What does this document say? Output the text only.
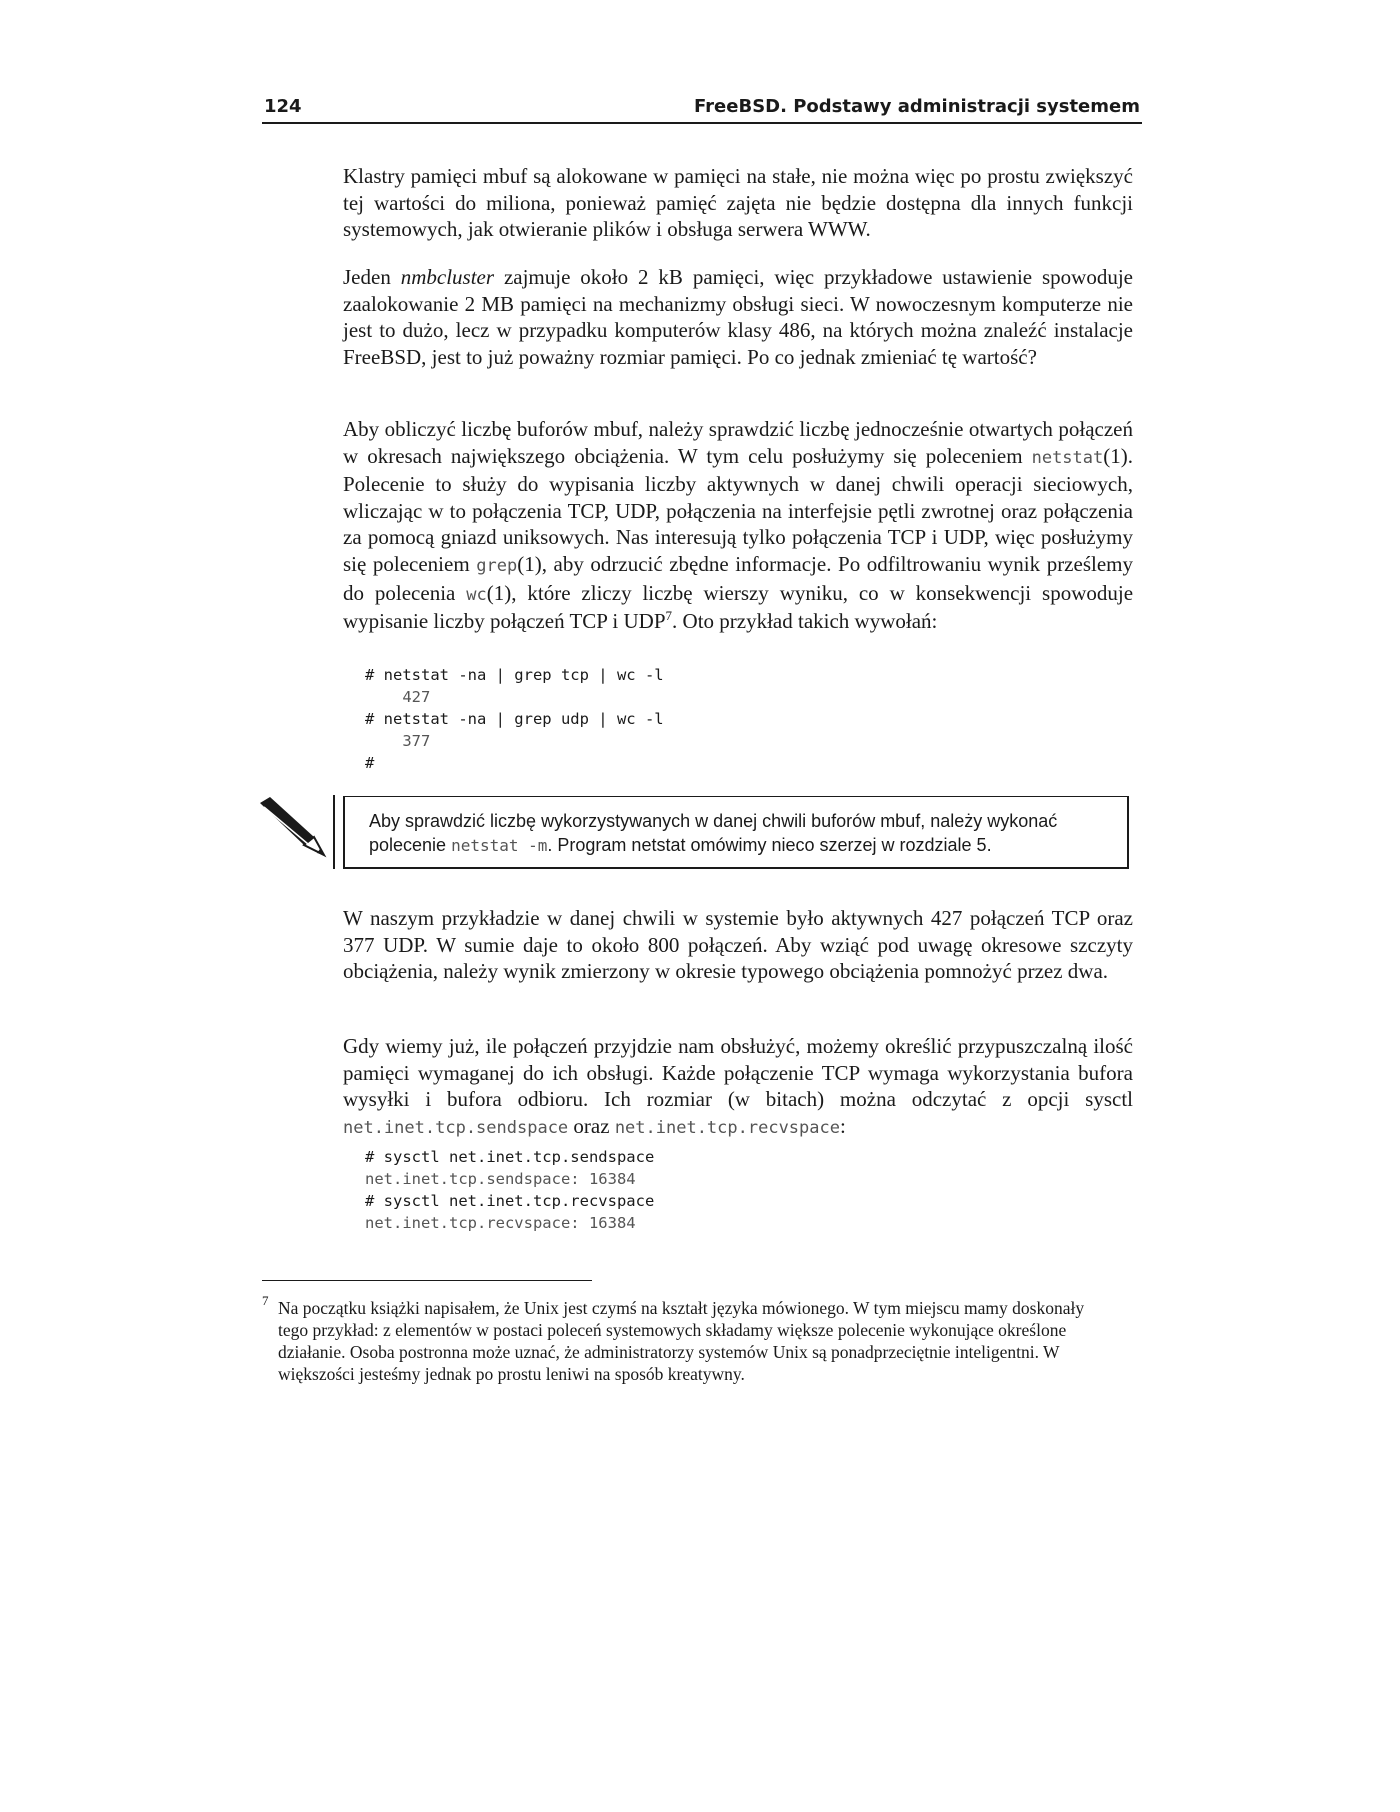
124	FreeBSD. Podstawy administracji systemem
Klastry pamięci mbuf są alokowane w pamięci na stałe, nie można więc po prostu zwiększyć tej wartości do miliona, ponieważ pamięć zajęta nie będzie dostępna dla innych funkcji systemowych, jak otwieranie plików i obsługa serwera WWW.
Jeden nmbcluster zajmuje około 2 kB pamięci, więc przykładowe ustawienie spowoduje zaalokowanie 2 MB pamięci na mechanizmy obsługi sieci. W nowoczesnym komputerze nie jest to dużo, lecz w przypadku komputerów klasy 486, na których można znaleźć instalacje FreeBSD, jest to już poważny rozmiar pamięci. Po co jednak zmieniać tę wartość?
Aby obliczyć liczbę buforów mbuf, należy sprawdzić liczbę jednocześnie otwartych połączeń w okresach największego obciążenia. W tym celu posłużymy się poleceniem netstat(1). Polecenie to służy do wypisania liczby aktywnych w danej chwili operacji sieciowych, wliczając w to połączenia TCP, UDP, połączenia na interfejsie pętli zwrotnej oraz połączenia za pomocą gniazd uniksowych. Nas interesują tylko połączenia TCP i UDP, więc posłużymy się poleceniem grep(1), aby odrzucić zbędne informacje. Po odfiltrowaniu wynik prześlemy do polecenia wc(1), które zliczy liczbę wierszy wyniku, co w konsekwencji spowoduje wypisanie liczby połączeń TCP i UDP$^7$. Oto przykład takich wywołań:
# netstat -na | grep tcp | wc -l
427
# netstat -na | grep udp | wc -l
377
#
Aby sprawdzić liczbę wykorzystywanych w danej chwili buforów mbuf, należy wykonać polecenie netstat -m. Program netstat omówimy nieco szerzej w rozdziale 5.
W naszym przykładzie w danej chwili w systemie było aktywnych 427 połączeń TCP oraz 377 UDP. W sumie daje to około 800 połączeń. Aby wziąć pod uwagę okresowe szczyty obciążenia, należy wynik zmierzony w okresie typowego obciążenia pomnożyć przez dwa.
Gdy wiemy już, ile połączeń przyjdzie nam obsłużyć, możemy określić przypuszczalną ilość pamięci wymaganej do ich obsługi. Każde połączenie TCP wymaga wykorzystania bufora wysyłki i bufora odbioru. Ich rozmiar (w bitach) można odczytać z opcji sysctl net.inet.tcp.sendspace oraz net.inet.tcp.recvspace:
# sysctl net.inet.tcp.sendspace
net.inet.tcp.sendspace: 16384
# sysctl net.inet.tcp.recvspace
net.inet.tcp.recvspace: 16384
7 Na początku książki napisałem, że Unix jest czymś na kształt języka mówionego. W tym miejscu mamy doskonały tego przykład: z elementów w postaci poleceń systemowych składamy większe polecenie wykonujące określone działanie. Osoba postronna może uznać, że administratorzy systemów Unix są ponadprzeciętnie inteligentni. W większości jesteśmy jednak po prostu leniwi na sposób kreatywny.
